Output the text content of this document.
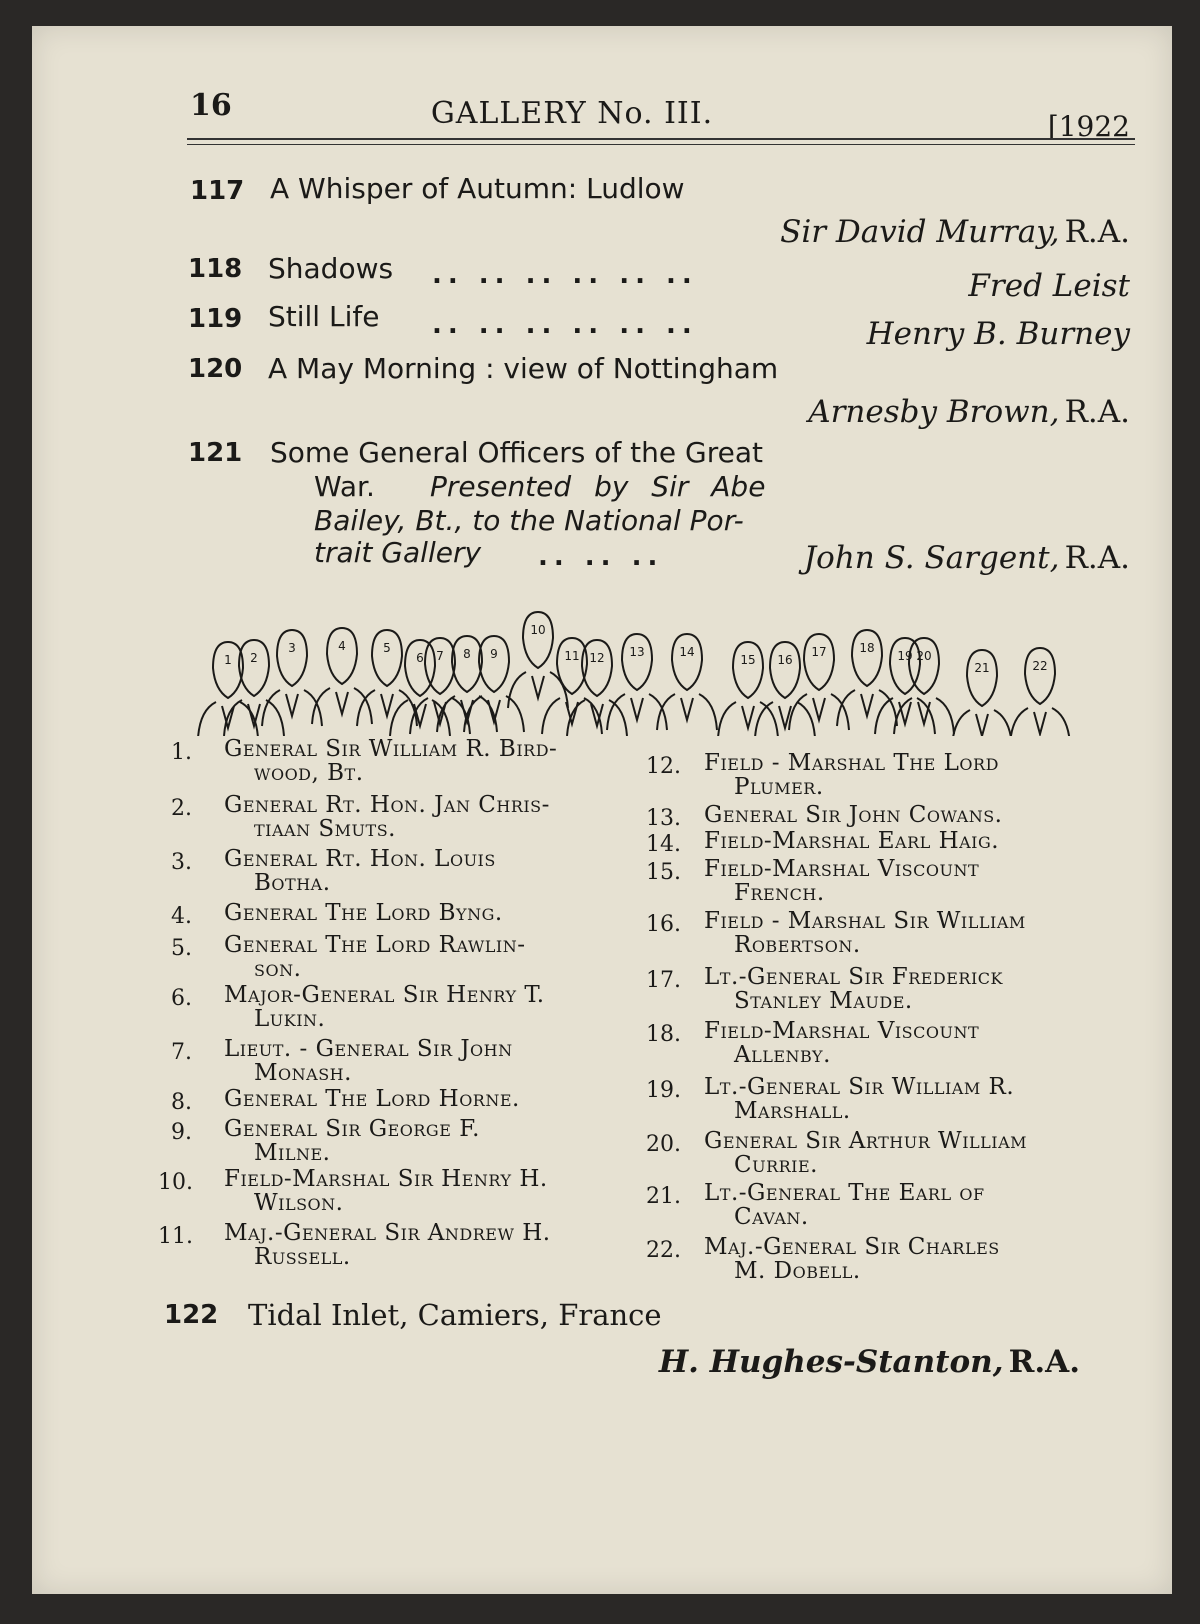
16	GALLERY No. III.	[1922
117 A Whisper of Autumn: Ludlow
Sir David Murray, R.A.
118 Shadows .. .. .. .. .. ..	Fred Leist
119 Still Life .. .. .. .. .. ..	Henry B. Burney
120 A May Morning : view of Nottingham
Arnesby Brown, R.A.
121 Some General Officers of the Great
War. Presented by Sir Abe
Bailey, Bt., to the National Por-
trait Gallery .. .. ..	John S. Sargent, R.A.
1 2
3	4	5
6 7 8 9
10
11 12 13	14
15 16
17	18
19 20
21	22
122 Tidal Inlet, Camiers, France
H. Hughes-Stanton, R.A.
1. General Sir William R. Bird-
wood, Bt.
2. General Rt. Hon. Jan Chris-
tiaan Smuts.
3. General Rt. Hon. Louis
Botha.
4. General The Lord Byng.
5. General The Lord Rawlin-
son.
6. Major-General Sir Henry T.
Lukin.
7. Lieut. - General Sir John
Monash.
8. General The Lord Horne.
9. General Sir George F.
Milne.
10. Field-Marshal Sir Henry H.
Wilson.
11. Maj.-General Sir Andrew H.
Russell.
12. Field - Marshal The Lord
Plumer.
13. General Sir John Cowans.
14. Field-Marshal Earl Haig.
15. Field-Marshal Viscount
French.
16. Field - Marshal Sir William
Robertson.
17. Lt.-General Sir Frederick
Stanley Maude.
18. Field-Marshal Viscount
Allenby.
19. Lt.-General Sir William R.
Marshall.
20. General Sir Arthur William
Currie.
21. Lt.-General The Earl of
Cavan.
22. Maj.-General Sir Charles
M. Dobell.
